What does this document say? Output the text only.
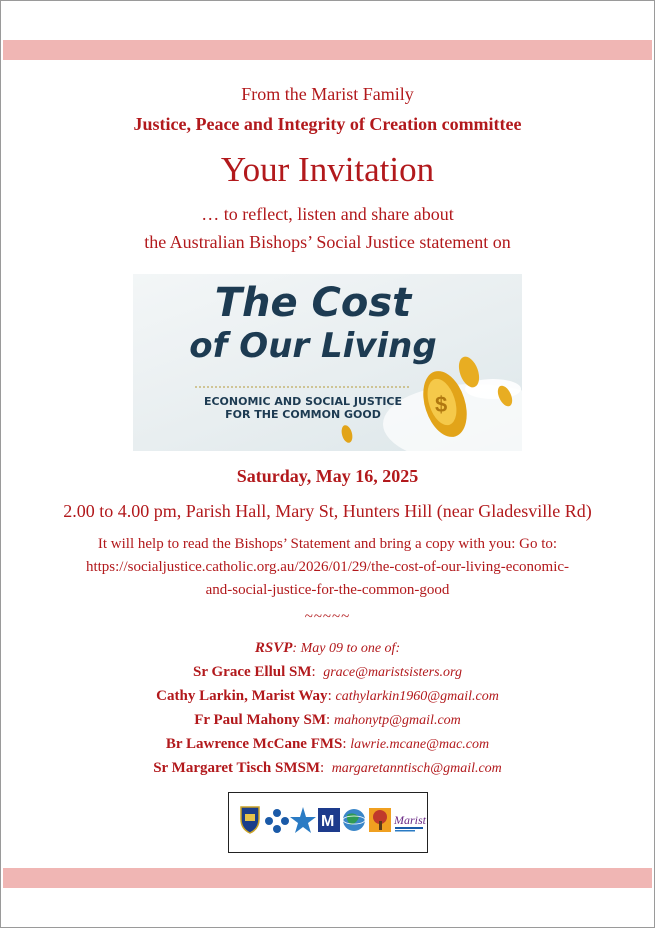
From the Marist Family
Justice, Peace and Integrity of Creation committee
Your Invitation
… to reflect, listen and share about
the Australian Bishops’ Social Justice statement on
$
The Cost
of Our Living
ECONOMIC AND SOCIAL JUSTICE
FOR THE COMMON GOOD
Saturday, May 16, 2025
2.00 to 4.00 pm, Parish Hall, Mary St, Hunters Hill (near Gladesville Rd)
It will help to read the Bishops’ Statement and bring a copy with you: Go to:
https://socialjustice.catholic.org.au/2026/01/29/the-cost-of-our-living-economic-
and-social-justice-for-the-common-good
~~~~~
RSVP: May 09 to one of:
Sr Grace Ellul SM:  grace@maristsisters.org
Cathy Larkin, Marist Way: cathylarkin1960@gmail.com
Fr Paul Mahony SM: mahonytp@gmail.com
Br Lawrence McCane FMS: lawrie.mcane@mac.com
Sr Margaret Tisch SMSM:  margaretanntisch@gmail.com
M M	Marist
